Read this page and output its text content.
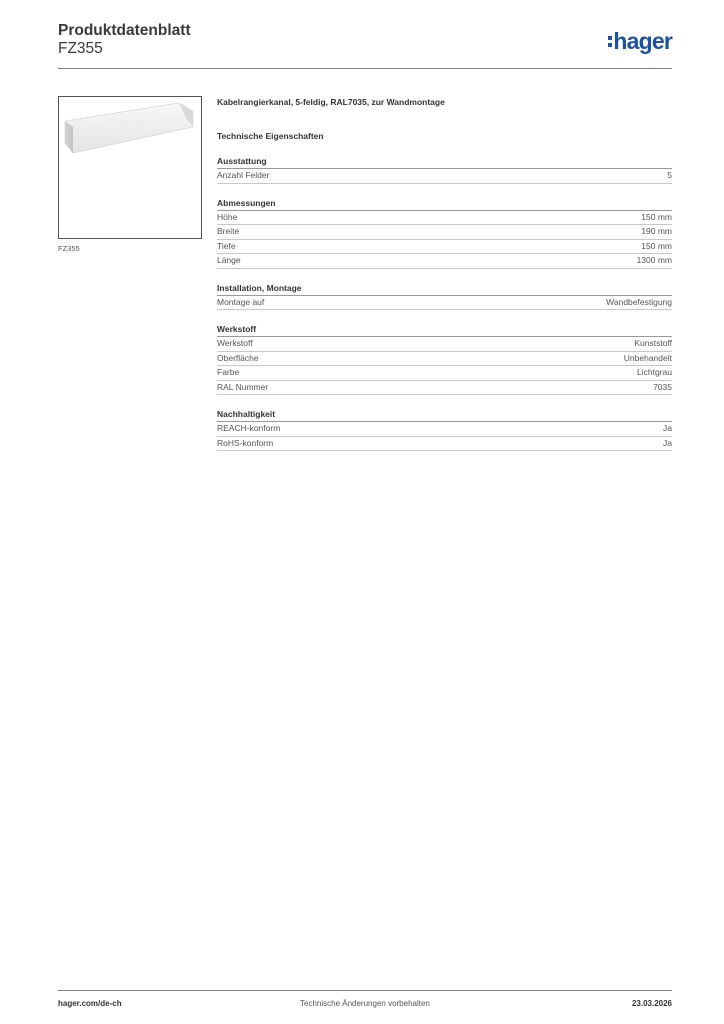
Produktdatenblatt
FZ355	hager
FZ355
Kabelrangierkanal, 5-feldig, RAL7035, zur Wandmontage
Technische Eigenschaften
Ausstattung
Anzahl Felder	5
Abmessungen
Höhe	150 mm
Breite	190 mm
Tiefe	150 mm
Länge	1300 mm
Installation, Montage
Montage auf	Wandbefestigung
Werkstoff
Werkstoff	Kunststoff
Oberfläche	Unbehandelt
Farbe	Lichtgrau
RAL Nummer	7035
Nachhaltigkeit
REACH-konform	Ja
RoHS-konform	Ja
hager.com/de-ch	Technische Änderungen vorbehalten	23.03.2026
